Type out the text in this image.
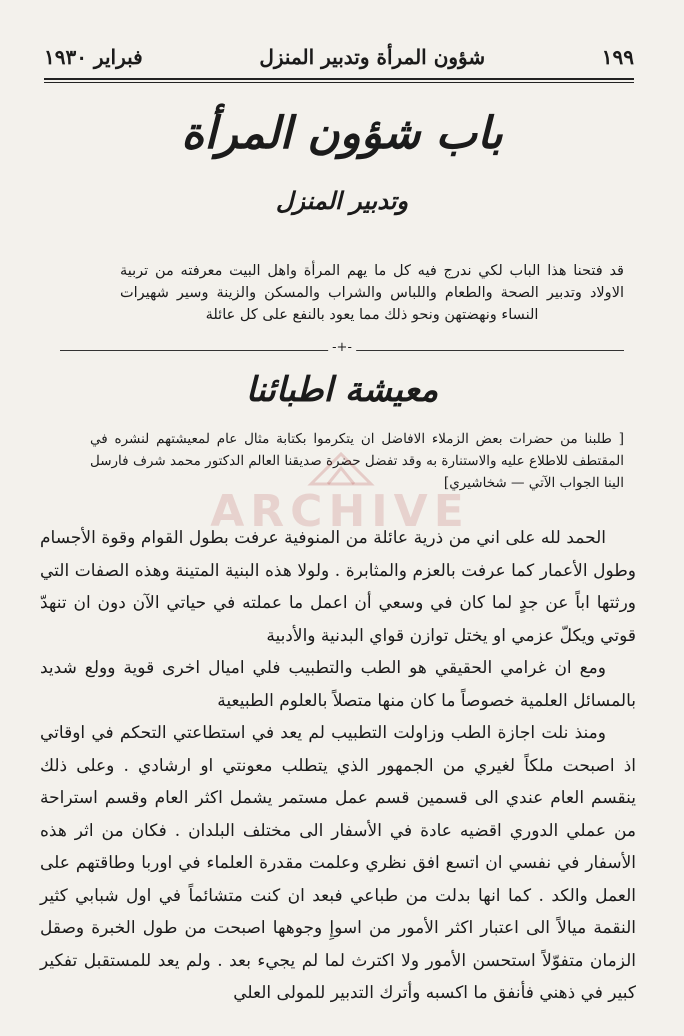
١٩٩
شؤون المرأة وتدبير المنزل
فبراير ١٩٣٠
باب شؤون المرأة
وتدبير المنزل
قد فتحنا هذا الباب لكي ندرج فيه كل ما يهم المرأة واهل البيت معرفته من تربية الاولاد وتدبير الصحة والطعام واللباس والشراب والمسكن والزينة وسير شهيرات النساء ونهضتهن ونحو ذلك مما يعود بالنفع على كل عائلة
-+-
معيشة اطبائنا
[ طلبنا من حضرات بعض الزملاء الافاضل ان يتكرموا بكتابة مثال عام لمعيشتهم لنشره في المقتطف للاطلاع عليه والاستنارة به وقد تفضل حضرة صديقنا العالم الدكتور محمد شرف فارسل الينا الجواب الآتي — شخاشيري]
ARCHIVE

الحمد لله على اني من ذرية عائلة من المنوفية عرفت بطول القوام وقوة الأجسام وطول الأعمار كما عرفت بالعزم والمثابرة . ولولا هذه البنية المتينة وهذه الصفات التي ورثتها اباً عن جدٍ لما كان في وسعي أن اعمل ما عملته في حياتي الآن دون ان تنهدّ قوتي ويكلّ عزمي او يختل توازن قواي البدنية والأدبية

ومع ان غرامي الحقيقي هو الطب والتطبيب فلي اميال اخرى قوية وولع شديد بالمسائل العلمية خصوصاً ما كان منها متصلاً بالعلوم الطبيعية

ومنذ نلت اجازة الطب وزاولت التطبيب لم يعد في استطاعتي التحكم في اوقاتي اذ اصبحت ملكاً لغيري من الجمهور الذي يتطلب معونتي او ارشادي . وعلى ذلك ينقسم العام عندي الى قسمين قسم عمل مستمر يشمل اكثر العام وقسم استراحة من عملي الدوري اقضيه عادة في الأسفار الى مختلف البلدان . فكان من اثر هذه الأسفار في نفسي ان اتسع افق نظري وعلمت مقدرة العلماء في اوربا وطاقتهم على العمل والكد . كما انها بدلت من طباعي فبعد ان كنت متشائماً في اول شبابي كثير النقمة ميالاً الى اعتبار اكثر الأمور من اسوإِ وجوهها اصبحت من طول الخبرة وصقل الزمان متفوّلاً استحسن الأمور ولا اكترث لما لم يجيء بعد . ولم يعد للمستقبل تفكير كبير في ذهني فأنفق ما اكسبه وأترك التدبير للمولى العلي
